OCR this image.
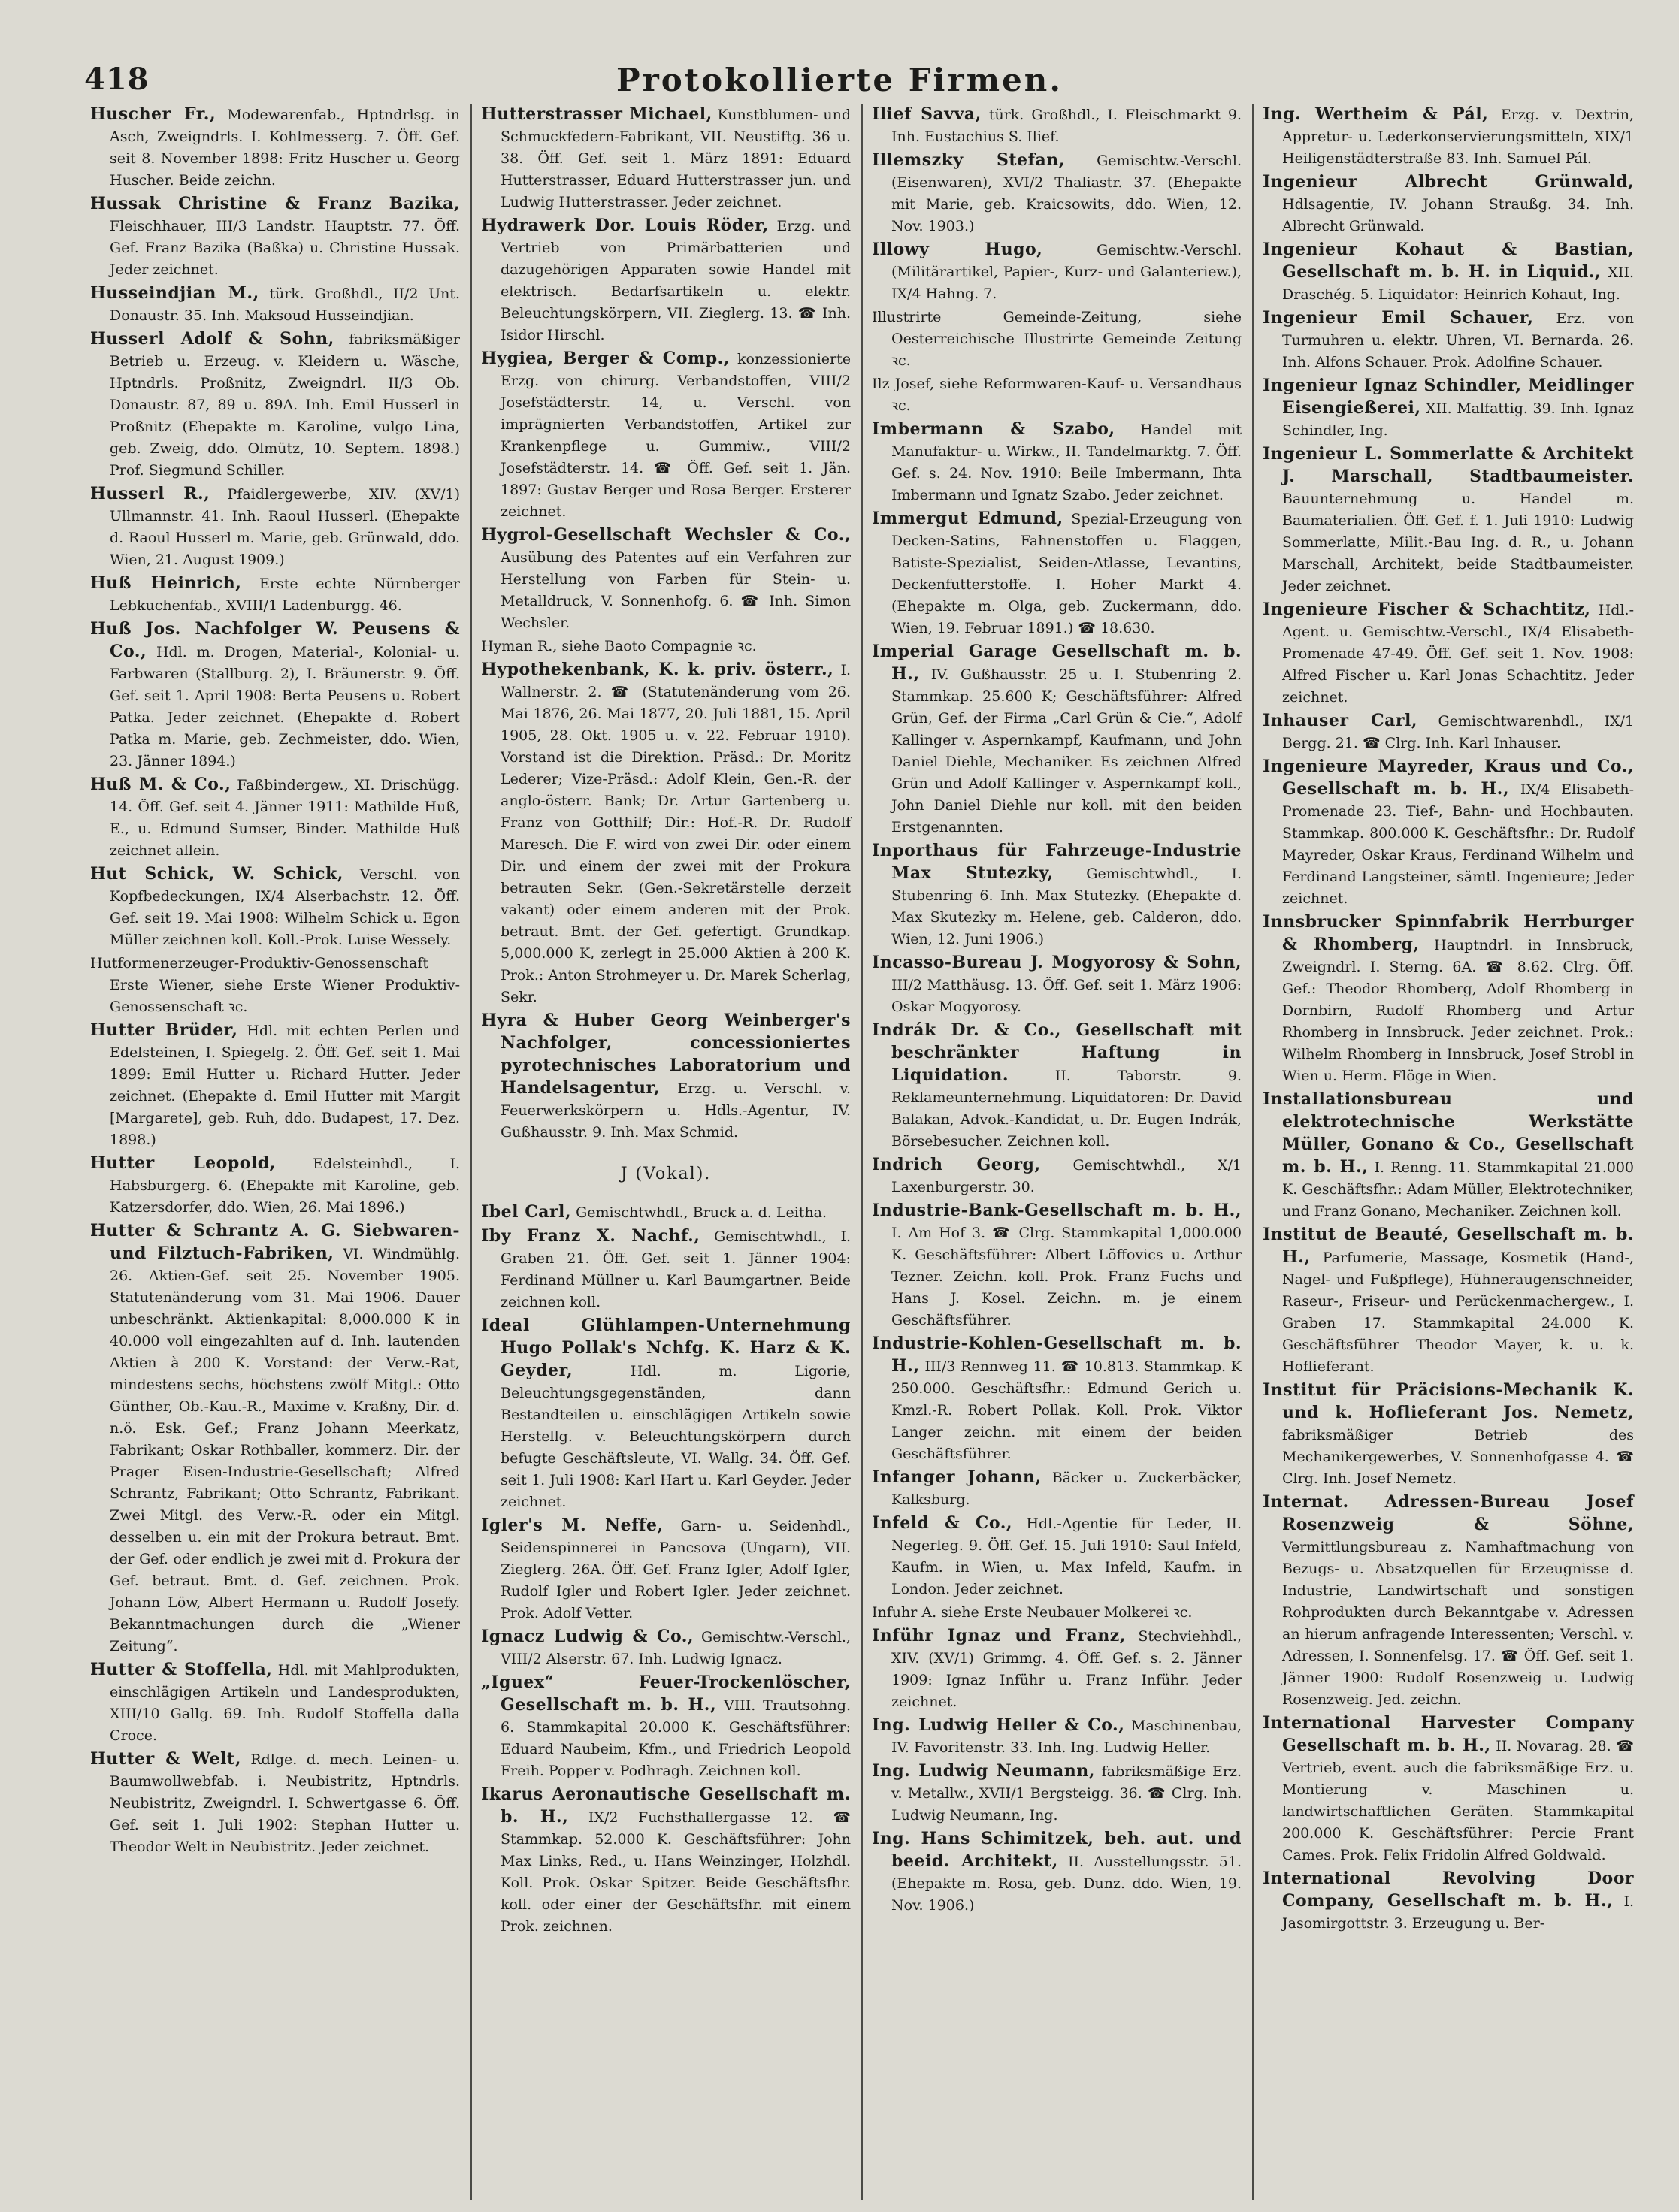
418	Protokollierte Firmen.

Huscher Fr., Modewarenfab., Hptndrlsg. in Asch, Zweigndrls. I. Kohlmesserg. 7. Öff. Gef. seit 8. November 1898: Fritz Huscher u. Georg Huscher. Beide zeichn.

Hussak Christine & Franz Bazika, Fleischhauer, III/3 Landstr. Hauptstr. 77. Öff. Gef. Franz Bazika (Baßka) u. Christine Hussak. Jeder zeichnet.

Husseindjian M., türk. Großhdl., II/2 Unt. Donaustr. 35. Inh. Maksoud Husseindjian.

Husserl Adolf & Sohn, fabriksmäßiger Betrieb u. Erzeug. v. Kleidern u. Wäsche, Hptndrls. Proßnitz, Zweigndrl. II/3 Ob. Donaustr. 87, 89 u. 89A. Inh. Emil Husserl in Proßnitz (Ehepakte m. Karoline, vulgo Lina, geb. Zweig, ddo. Olmütz, 10. Septem. 1898.) Prof. Siegmund Schiller.

Husserl R., Pfaidlergewerbe, XIV. (XV/1) Ullmannstr. 41. Inh. Raoul Husserl. (Ehepakte d. Raoul Husserl m. Marie, geb. Grünwald, ddo. Wien, 21. August 1909.)

Huß Heinrich, Erste echte Nürnberger Lebkuchenfab., XVIII/1 Ladenburgg. 46.

Huß Jos. Nachfolger W. Peusens & Co., Hdl. m. Drogen, Material-, Kolonial- u. Farbwaren (Stallburg. 2), I. Bräunerstr. 9. Öff. Gef. seit 1. April 1908: Berta Peusens u. Robert Patka. Jeder zeichnet. (Ehepakte d. Robert Patka m. Marie, geb. Zechmeister, ddo. Wien, 23. Jänner 1894.)

Huß M. & Co., Faßbindergew., XI. Drischügg. 14. Öff. Gef. seit 4. Jänner 1911: Mathilde Huß, E., u. Edmund Sumser, Binder. Mathilde Huß zeichnet allein.

Hut Schick, W. Schick, Verschl. von Kopfbedeckungen, IX/4 Alserbachstr. 12. Öff. Gef. seit 19. Mai 1908: Wilhelm Schick u. Egon Müller zeichnen koll. Koll.-Prok. Luise Wessely.

Hutformenerzeuger-Produktiv-Genossenschaft Erste Wiener, siehe Erste Wiener Produktiv-Genossenschaft ꝛc.

Hutter Brüder, Hdl. mit echten Perlen und Edelsteinen, I. Spiegelg. 2. Öff. Gef. seit 1. Mai 1899: Emil Hutter u. Richard Hutter. Jeder zeichnet. (Ehepakte d. Emil Hutter mit Margit [Margarete], geb. Ruh, ddo. Budapest, 17. Dez. 1898.)

Hutter Leopold,	Edelsteinhdl., I. Habsburgerg. 6. (Ehepakte mit Karoline, geb. Katzersdorfer, ddo. Wien, 26. Mai 1896.)

Hutter & Schrantz A. G. Siebwaren- und Filztuch-Fabriken, VI. Windmühlg. 26. Aktien-Gef. seit 25. November 1905. Statutenänderung vom 31. Mai 1906. Dauer unbeschränkt. Aktienkapital: 8,000.000 K in 40.000 voll eingezahlten auf d. Inh. lautenden Aktien à 200 K. Vorstand: der Verw.-Rat, mindestens sechs, höchstens zwölf Mitgl.: Otto Günther, Ob.-Kau.-R., Maxime v. Kraßny, Dir. d. n.ö. Esk. Gef.; Franz Johann Meerkatz, Fabrikant; Oskar Rothballer, kommerz. Dir. der Prager Eisen-Industrie-Gesellschaft; Alfred Schrantz, Fabrikant; Otto Schrantz, Fabrikant. Zwei Mitgl. des Verw.-R. oder ein Mitgl. desselben u. ein mit der Prokura betraut. Bmt. der Gef. oder endlich je zwei mit d. Prokura der Gef. betraut. Bmt. d. Gef. zeichnen. Prok. Johann Löw, Albert Hermann u. Rudolf Josefy. Bekanntmachungen durch die „Wiener Zeitung“.

Hutter & Stoffella, Hdl. mit Mahlprodukten, einschlägigen Artikeln und Landesprodukten, XIII/10 Gallg. 69. Inh. Rudolf Stoffella dalla Croce.

Hutter & Welt, Rdlge. d. mech. Leinen- u. Baumwollwebfab. i. Neubistritz, Hptndrls. Neubistritz, Zweigndrl. I. Schwertgasse 6. Öff. Gef. seit 1. Juli 1902: Stephan Hutter u. Theodor Welt in Neubistritz. Jeder zeichnet.

Hutterstrasser Michael, Kunstblumen- und Schmuckfedern-Fabrikant, VII. Neustiftg. 36 u. 38. Öff. Gef. seit 1. März 1891: Eduard Hutterstrasser, Eduard Hutterstrasser jun. und Ludwig Hutterstrasser. Jeder zeichnet.

Hydrawerk Dor. Louis Röder, Erzg. und Vertrieb von Primärbatterien und dazugehörigen Apparaten sowie Handel mit elektrisch. Bedarfsartikeln u. elektr. Beleuchtungskörpern, VII. Zieglerg. 13. ☎ Inh. Isidor Hirschl.

Hygiea, Berger & Comp., konzessionierte Erzg. von chirurg. Verbandstoffen, VIII/2 Josefstädterstr. 14, u. Verschl. von imprägnierten Verbandstoffen, Artikel zur Krankenpflege u. Gummiw., VIII/2 Josefstädterstr. 14. ☎ Öff. Gef. seit 1. Jän. 1897: Gustav Berger und Rosa Berger. Ersterer zeichnet.

Hygrol-Gesellschaft Wechsler & Co., Ausübung des Patentes auf ein Verfahren zur Herstellung von Farben für Stein- u. Metalldruck, V. Sonnenhofg. 6. ☎ Inh. Simon Wechsler.

Hyman R., siehe Baoto Compagnie ꝛc.

Hypothekenbank, K. k. priv. österr., I. Wallnerstr. 2. ☎ (Statutenänderung vom 26. Mai 1876, 26. Mai 1877, 20. Juli 1881, 15. April 1905, 28. Okt. 1905 u. v. 22. Februar 1910). Vorstand ist die Direktion. Präsd.: Dr. Moritz Lederer; Vize-Präsd.: Adolf Klein, Gen.-R. der anglo-österr. Bank; Dr. Artur Gartenberg u. Franz von Gotthilf; Dir.: Hof.-R. Dr. Rudolf Maresch. Die F. wird von zwei Dir. oder einem Dir. und einem der zwei mit der Prokura betrauten Sekr. (Gen.-Sekretärstelle derzeit vakant) oder einem anderen mit der Prok. betraut. Bmt. der Gef. gefertigt. Grundkap. 5,000.000 K, zerlegt in 25.000 Aktien à 200 K. Prok.: Anton Strohmeyer u. Dr. Marek Scherlag, Sekr.

Hyra & Huber Georg Weinberger's Nachfolger, concessioniertes pyrotechnisches Laboratorium und Handelsagentur, Erzg. u. Verschl. v. Feuerwerkskörpern u. Hdls.-Agentur, IV. Gußhausstr. 9. Inh. Max Schmid.

J (Vokal).

Ibel Carl, Gemischtwhdl., Bruck a. d. Leitha.

Iby Franz X. Nachf., Gemischtwhdl., I. Graben 21. Öff. Gef. seit 1. Jänner 1904: Ferdinand Müllner u. Karl Baumgartner. Beide zeichnen koll.

Ideal Glühlampen-Unternehmung Hugo Pollak's Nchfg. K. Harz & K. Geyder,	Hdl. m. Ligorie, Beleuchtungsgegenständen, dann Bestandteilen u. einschlägigen Artikeln sowie Herstellg. v. Beleuchtungskörpern durch befugte Geschäftsleute, VI. Wallg. 34. Öff. Gef. seit 1. Juli 1908: Karl Hart u. Karl Geyder. Jeder zeichnet.

Igler's M. Neffe, Garn- u. Seidenhdl., Seidenspinnerei in Pancsova (Ungarn), VII. Zieglerg. 26A. Öff. Gef. Franz Igler, Adolf Igler, Rudolf Igler und Robert Igler. Jeder zeichnet. Prok. Adolf Vetter.

Ignacz Ludwig & Co., Gemischtw.-Verschl., VIII/2 Alserstr. 67. Inh. Ludwig Ignacz.

„Iguex“ Feuer-Trockenlöscher, Gesellschaft m. b. H., VIII. Trautsohng. 6. Stammkapital 20.000 K. Geschäftsführer: Eduard Naubeim, Kfm., und Friedrich Leopold Freih. Popper v. Podhragh. Zeichnen koll.

Ikarus Aeronautische Gesellschaft m. b. H., IX/2 Fuchsthallergasse 12. ☎ Stammkap. 52.000 K. Geschäftsführer: John Max Links, Red., u. Hans Weinzinger, Holzhdl. Koll. Prok. Oskar Spitzer. Beide Geschäftsfhr. koll. oder einer der Geschäftsfhr. mit einem Prok. zeichnen.

Ilief Savva, türk. Großhdl., I. Fleischmarkt 9. Inh. Eustachius S. Ilief.

Illemszky Stefan, Gemischtw.-Verschl. (Eisenwaren), XVI/2 Thaliastr. 37. (Ehepakte mit Marie, geb. Kraicsowits, ddo. Wien, 12. Nov. 1903.)

Illowy Hugo,	Gemischtw.-Verschl. (Militärartikel, Papier-, Kurz- und Galanteriew.), IX/4 Hahng. 7.

Illustrirte Gemeinde-Zeitung, siehe Oesterreichische Illustrirte Gemeinde Zeitung ꝛc.

Ilz Josef, siehe Reformwaren-Kauf- u. Versandhaus ꝛc.

Imbermann & Szabo, Handel mit Manufaktur- u. Wirkw., II. Tandelmarktg. 7. Öff. Gef. s. 24. Nov. 1910: Beile Imbermann, Ihta Imbermann und Ignatz Szabo. Jeder zeichnet.

Immergut Edmund, Spezial-Erzeugung von Decken-Satins, Fahnenstoffen u. Flaggen, Batiste-Spezialist, Seiden-Atlasse, Levantins, Deckenfutterstoffe. I. Hoher Markt 4. (Ehepakte m. Olga, geb. Zuckermann, ddo. Wien, 19. Februar 1891.) ☎ 18.630.

Imperial Garage Gesellschaft m. b. H., IV. Gußhausstr. 25 u. I. Stubenring 2. Stammkap. 25.600 K; Geschäftsführer: Alfred Grün, Gef. der Firma „Carl Grün & Cie.“, Adolf Kallinger v. Aspernkampf, Kaufmann, und John Daniel Diehle, Mechaniker. Es zeichnen Alfred Grün und Adolf Kallinger v. Aspernkampf koll., John Daniel Diehle nur koll. mit den beiden Erstgenannten.

Inporthaus für Fahrzeuge-Industrie Max Stutezky, Gemischtwhdl., I. Stubenring 6. Inh. Max Stutezky. (Ehepakte d. Max Skutezky m. Helene, geb. Calderon, ddo. Wien, 12. Juni 1906.)

Incasso-Bureau J. Mogyorosy & Sohn, III/2 Matthäusg. 13. Öff. Gef. seit 1. März 1906: Oskar Mogyorosy.

Indrák Dr. & Co., Gesellschaft mit beschränkter Haftung in Liquidation.	II. Taborstr. 9. Reklameunternehmung. Liquidatoren: Dr. David Balakan, Advok.-Kandidat, u. Dr. Eugen Indrák, Börsebesucher. Zeichnen koll.

Indrich Georg, Gemischtwhdl., X/1 Laxenburgerstr. 30.

Industrie-Bank-Gesellschaft m. b. H., I. Am Hof 3. ☎ Clrg. Stammkapital 1,000.000 K. Geschäftsführer: Albert Löffovics u. Arthur Tezner. Zeichn. koll. Prok. Franz Fuchs und Hans J. Kosel. Zeichn. m. je einem Geschäftsführer.

Industrie-Kohlen-Gesellschaft m. b. H., III/3 Rennweg 11. ☎ 10.813. Stammkap. K 250.000. Geschäftsfhr.: Edmund Gerich u. Kmzl.-R. Robert Pollak. Koll. Prok. Viktor Langer zeichn. mit einem der beiden Geschäftsführer.

Infanger Johann, Bäcker u. Zuckerbäcker, Kalksburg.

Infeld & Co., Hdl.-Agentie für Leder, II. Negerleg. 9. Öff. Gef. 15. Juli 1910: Saul Infeld, Kaufm. in Wien, u. Max Infeld, Kaufm. in London. Jeder zeichnet.

Infuhr A. siehe Erste Neubauer Molkerei ꝛc.

Inführ Ignaz und Franz, Stechviehhdl., XIV. (XV/1) Grimmg. 4. Öff. Gef. s. 2. Jänner 1909: Ignaz Inführ u. Franz Inführ. Jeder zeichnet.

Ing. Ludwig Heller & Co., Maschinenbau, IV. Favoritenstr. 33. Inh. Ing. Ludwig Heller.

Ing. Ludwig Neumann, fabriksmäßige Erz. v. Metallw., XVII/1 Bergsteigg. 36. ☎ Clrg. Inh. Ludwig Neumann, Ing.

Ing. Hans Schimitzek, beh. aut. und beeid. Architekt, II. Ausstellungsstr. 51. (Ehepakte m. Rosa, geb. Dunz. ddo. Wien, 19. Nov. 1906.)

Ing. Wertheim & Pál, Erzg. v. Dextrin, Appretur- u. Lederkonservierungsmitteln, XIX/1 Heiligenstädterstraße 83. Inh. Samuel Pál.

Ingenieur Albrecht Grünwald, Hdlsagentie, IV. Johann Straußg. 34. Inh. Albrecht Grünwald.

Ingenieur Kohaut & Bastian, Gesellschaft m. b. H. in Liquid., XII. Draschég. 5. Liquidator: Heinrich Kohaut, Ing.

Ingenieur Emil Schauer, Erz. von Turmuhren u. elektr. Uhren, VI. Bernarda. 26. Inh. Alfons Schauer. Prok. Adolfine Schauer.

Ingenieur Ignaz Schindler, Meidlinger Eisengießerei, XII. Malfattig. 39. Inh. Ignaz Schindler, Ing.

Ingenieur L. Sommerlatte & Architekt J. Marschall, Stadtbaumeister. Bauunternehmung u. Handel m. Baumaterialien. Öff. Gef. f. 1. Juli 1910: Ludwig Sommerlatte, Milit.-Bau Ing. d. R., u. Johann Marschall, Architekt, beide Stadtbaumeister. Jeder zeichnet.

Ingenieure Fischer & Schachtitz, Hdl.-Agent. u. Gemischtw.-Verschl., IX/4 Elisabeth-Promenade 47-49. Öff. Gef. seit 1. Nov. 1908: Alfred Fischer u. Karl Jonas Schachtitz. Jeder zeichnet.

Inhauser Carl, Gemischtwarenhdl., IX/1 Bergg. 21. ☎ Clrg. Inh. Karl Inhauser.

Ingenieure Mayreder, Kraus und Co., Gesellschaft m. b. H., IX/4 Elisabeth-Promenade 23. Tief-, Bahn- und Hochbauten. Stammkap. 800.000 K. Geschäftsfhr.: Dr. Rudolf Mayreder, Oskar Kraus, Ferdinand Wilhelm und Ferdinand Langsteiner, sämtl. Ingenieure; Jeder zeichnet.

Innsbrucker Spinnfabrik Herrburger & Rhomberg, Hauptndrl. in Innsbruck, Zweigndrl. I. Sterng. 6A. ☎ 8.62. Clrg. Öff. Gef.: Theodor Rhomberg, Adolf Rhomberg in Dornbirn, Rudolf Rhomberg und Artur Rhomberg in Innsbruck. Jeder zeichnet. Prok.: Wilhelm Rhomberg in Innsbruck, Josef Strobl in Wien u. Herm. Flöge in Wien.

Installationsbureau und elektrotechnische Werkstätte Müller, Gonano & Co., Gesellschaft m. b. H., I. Renng. 11. Stammkapital 21.000 K. Geschäftsfhr.: Adam Müller, Elektrotechniker, und Franz Gonano, Mechaniker. Zeichnen koll.

Institut de Beauté, Gesellschaft m. b. H., Parfumerie, Massage, Kosmetik (Hand-, Nagel- und Fußpflege), Hühneraugenschneider, Raseur-, Friseur- und Perückenmachergew., I. Graben 17. Stammkapital 24.000 K. Geschäftsführer Theodor Mayer, k. u. k. Hoflieferant.

Institut für Präcisions-Mechanik K. und k. Hoflieferant Jos. Nemetz, fabriksmäßiger Betrieb des Mechanikergewerbes, V. Sonnenhofgasse 4. ☎ Clrg. Inh. Josef Nemetz.

Internat. Adressen-Bureau Josef Rosenzweig & Söhne, Vermittlungsbureau z. Namhaftmachung von Bezugs- u. Absatzquellen für Erzeugnisse d. Industrie, Landwirtschaft und sonstigen Rohprodukten durch Bekanntgabe v. Adressen an hierum anfragende Interessenten; Verschl. v. Adressen, I. Sonnenfelsg. 17. ☎ Öff. Gef. seit 1. Jänner 1900: Rudolf Rosenzweig u. Ludwig Rosenzweig. Jed. zeichn.

International Harvester Company Gesellschaft m. b. H., II. Novarag. 28. ☎ Vertrieb, event. auch die fabriksmäßige Erz. u. Montierung v. Maschinen u. landwirtschaftlichen Geräten. Stammkapital 200.000 K. Geschäftsführer: Percie Frant Cames. Prok. Felix Fridolin Alfred Goldwald.

International Revolving Door Company, Gesellschaft m. b. H., I. Jasomirgottstr. 3. Erzeugung u. Ber-
